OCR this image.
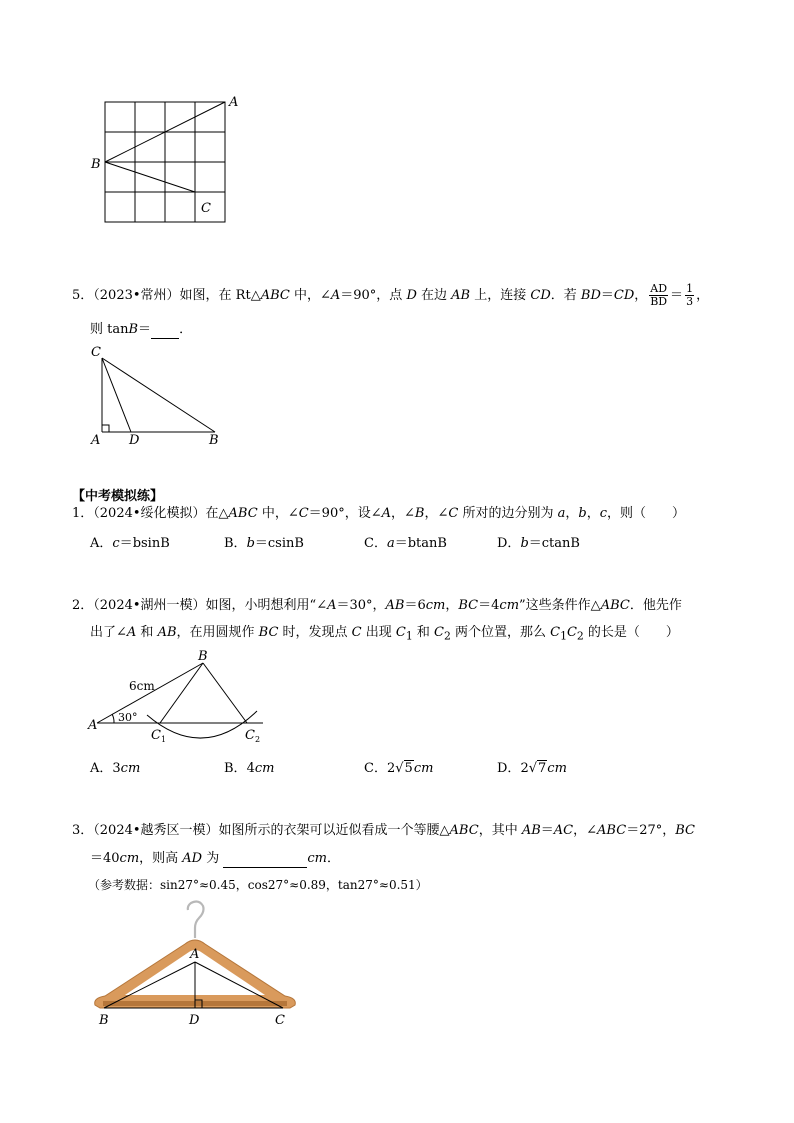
A
B
C
5．（2023•常州）如图，在 Rt△ABC 中，∠A＝90°，点 D 在边 AB 上，连接 CD．若 BD＝CD， $\frac{AD}{BD} = \frac{1}{3}$ ，
则 tanB＝ ．
C
A D	B
【中考模拟练】
1．（2024•绥化模拟）在△ABC 中，∠C＝90°，设∠A，∠B，∠C 所对的边分别为 a，b，c，则（　　）
A．c＝bsinB	B．b＝csinB	C．a＝btanB	D．b＝ctanB
2．（2024•湖州一模）如图，小明想利用“∠A＝30°，AB＝6cm，BC＝4cm”这些条件作△ABC．他先作
出了∠A 和 AB，在用圆规作 BC 时，发现点 C 出现 $C_1$ 和 $C_2$ 两个位置，那么 $C_1C_2$ 的长是（　　）
B
A
6cm
30°
$C_1$	$C_2$
A．3cm	B．4cm	C．2√5cm	D．2√7cm
3．（2024•越秀区一模）如图所示的衣架可以近似看成一个等腰△ABC，其中 AB＝AC，∠ABC＝27°，BC
＝40cm，则高 AD 为	cm．
（参考数据：sin27°≈0.45，cos27°≈0.89，tan27°≈0.51）
A
B	D	C
